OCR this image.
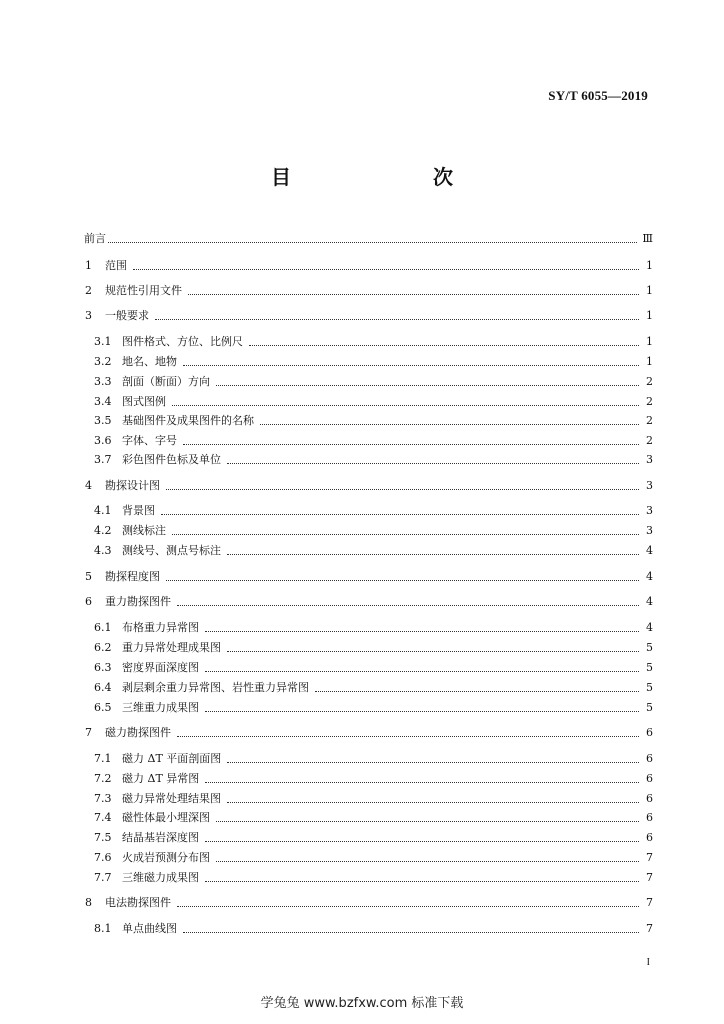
SY/T 6055—2019
目　　次
前言	Ⅲ
1	范围	1
2	规范性引用文件	1
3	一般要求	1
3.1 图件格式、方位、比例尺	1
3.2 地名、地物	1
3.3 剖面（断面）方向	2
3.4 图式图例	2
3.5 基础图件及成果图件的名称	2
3.6 字体、字号	2
3.7 彩色图件色标及单位	3
4	勘探设计图	3
4.1 背景图	3
4.2 测线标注	3
4.3 测线号、测点号标注	4
5	勘探程度图	4
6	重力勘探图件	4
6.1 布格重力异常图	4
6.2 重力异常处理成果图	5
6.3 密度界面深度图	5
6.4 剥层剩余重力异常图、岩性重力异常图	5
6.5 三维重力成果图	5
7	磁力勘探图件	6
7.1 磁力 ΔT 平面剖面图	6
7.2 磁力 ΔT 异常图	6
7.3 磁力异常处理结果图	6
7.4 磁性体最小埋深图	6
7.5 结晶基岩深度图	6
7.6 火成岩预测分布图	7
7.7 三维磁力成果图	7
8	电法勘探图件	7
8.1 单点曲线图	7
I
学兔兔 www.bzfxw.com 标准下载
